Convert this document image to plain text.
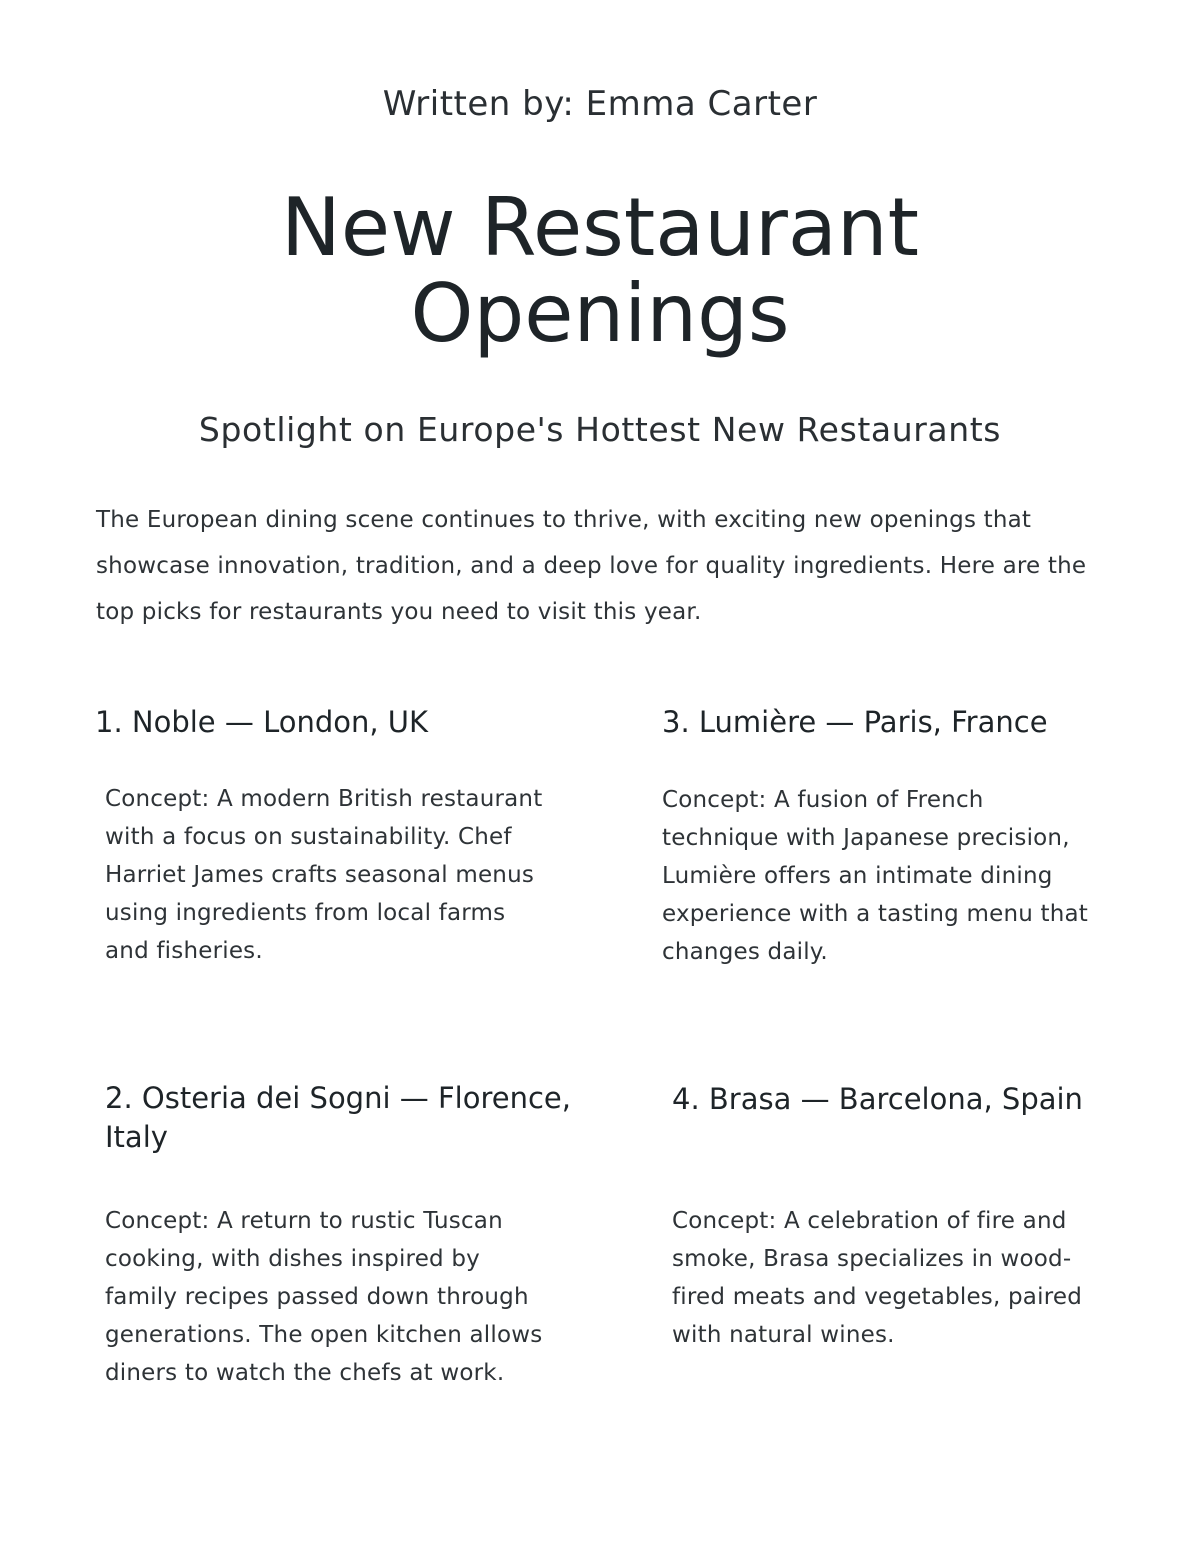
Written by: Emma Carter
New Restaurant
Openings
Spotlight on Europe's Hottest New Restaurants

The European dining scene continues to thrive, with exciting new openings that showcase innovation, tradition, and a deep love for quality ingredients. Here are the top picks for restaurants you need to visit this year.

1. Noble — London, UK

Concept: A modern British restaurant with a focus on sustainability. Chef Harriet James crafts seasonal menus using ingredients from local farms and fisheries.

3. Lumière — Paris, France

Concept: A fusion of French technique with Japanese precision, Lumière offers an intimate dining experience with a tasting menu that changes daily.

2. Osteria dei Sogni — Florence, Italy

Concept: A return to rustic Tuscan cooking, with dishes inspired by family recipes passed down through generations. The open kitchen allows diners to watch the chefs at work.

4. Brasa — Barcelona, Spain

Concept: A celebration of fire and smoke, Brasa specializes in wood-fired meats and vegetables, paired with natural wines.
